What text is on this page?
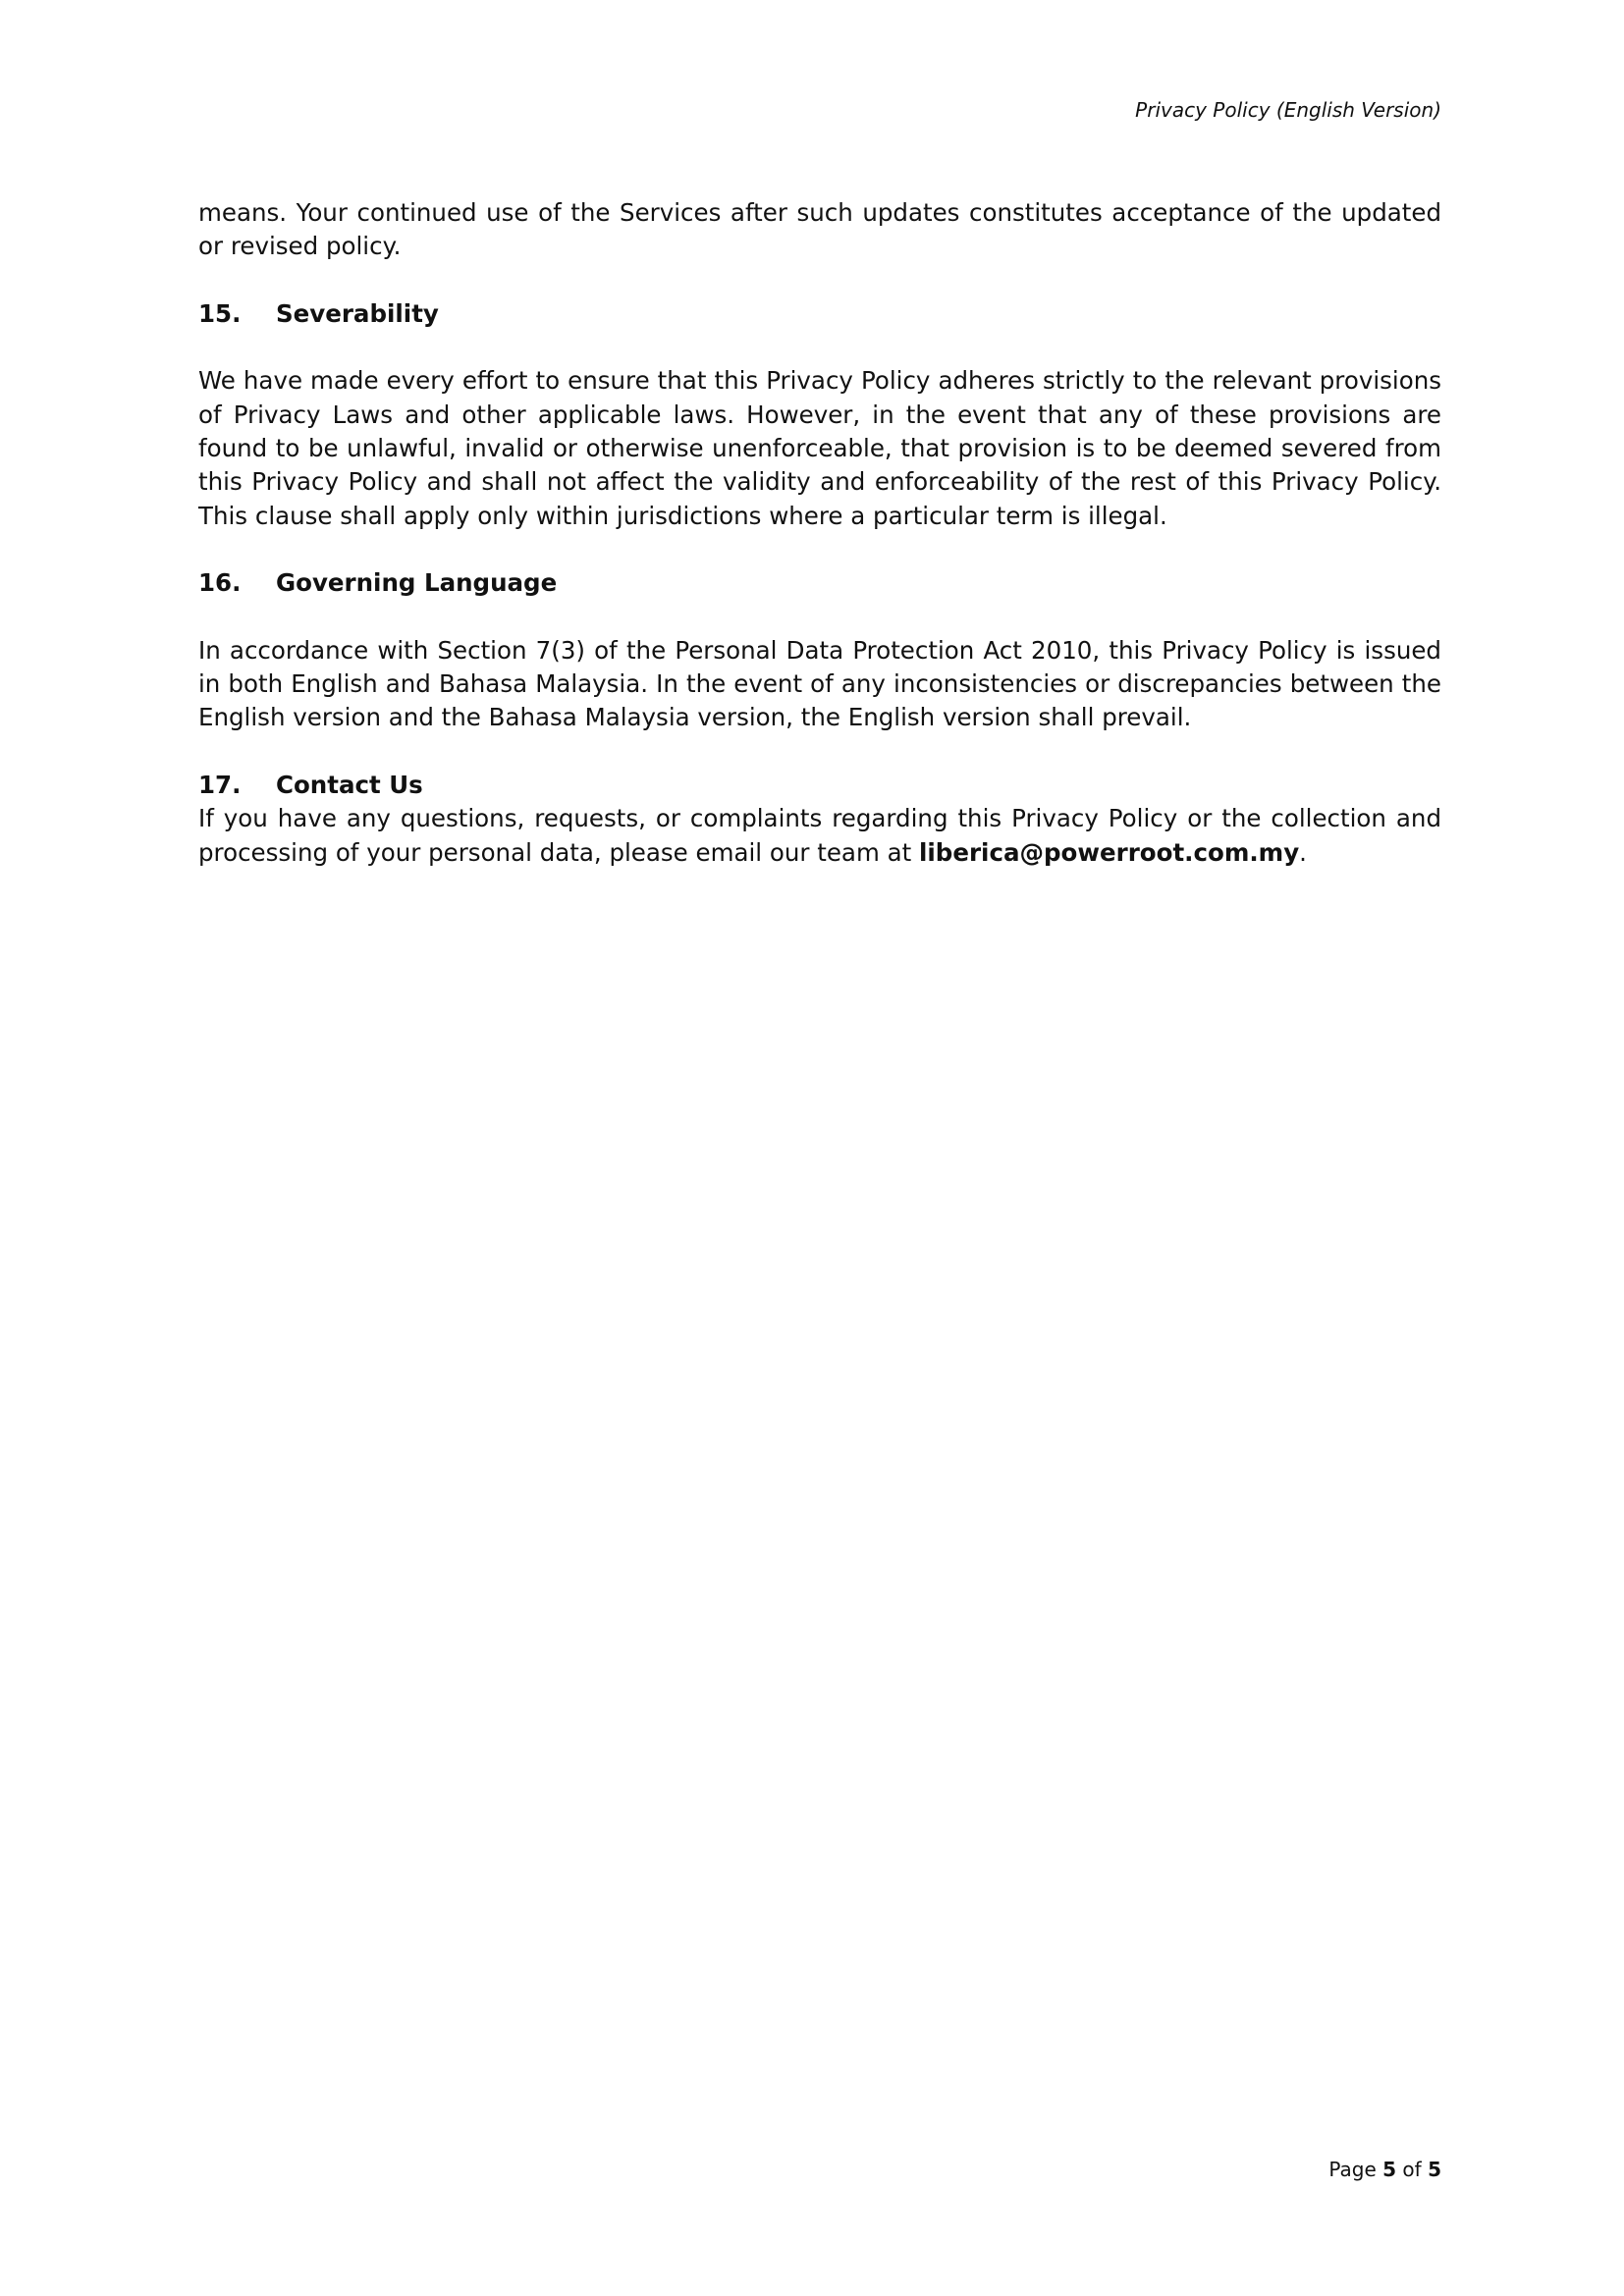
Privacy Policy (English Version)

means. Your continued use of the Services after such updates constitutes acceptance of the updated or revised policy.

15. Severability

We have made every effort to ensure that this Privacy Policy adheres strictly to the relevant provisions of Privacy Laws and other applicable laws. However, in the event that any of these provisions are found to be unlawful, invalid or otherwise unenforceable, that provision is to be deemed severed from this Privacy Policy and shall not affect the validity and enforceability of the rest of this Privacy Policy. This clause shall apply only within jurisdictions where a particular term is illegal.

16. Governing Language

In accordance with Section 7(3) of the Personal Data Protection Act 2010, this Privacy Policy is issued in both English and Bahasa Malaysia. In the event of any inconsistencies or discrepancies between the English version and the Bahasa Malaysia version, the English version shall prevail.

17. Contact Us

If you have any questions, requests, or complaints regarding this Privacy Policy or the collection and processing of your personal data, please email our team at liberica@powerroot.com.my.

Page 5 of 5
